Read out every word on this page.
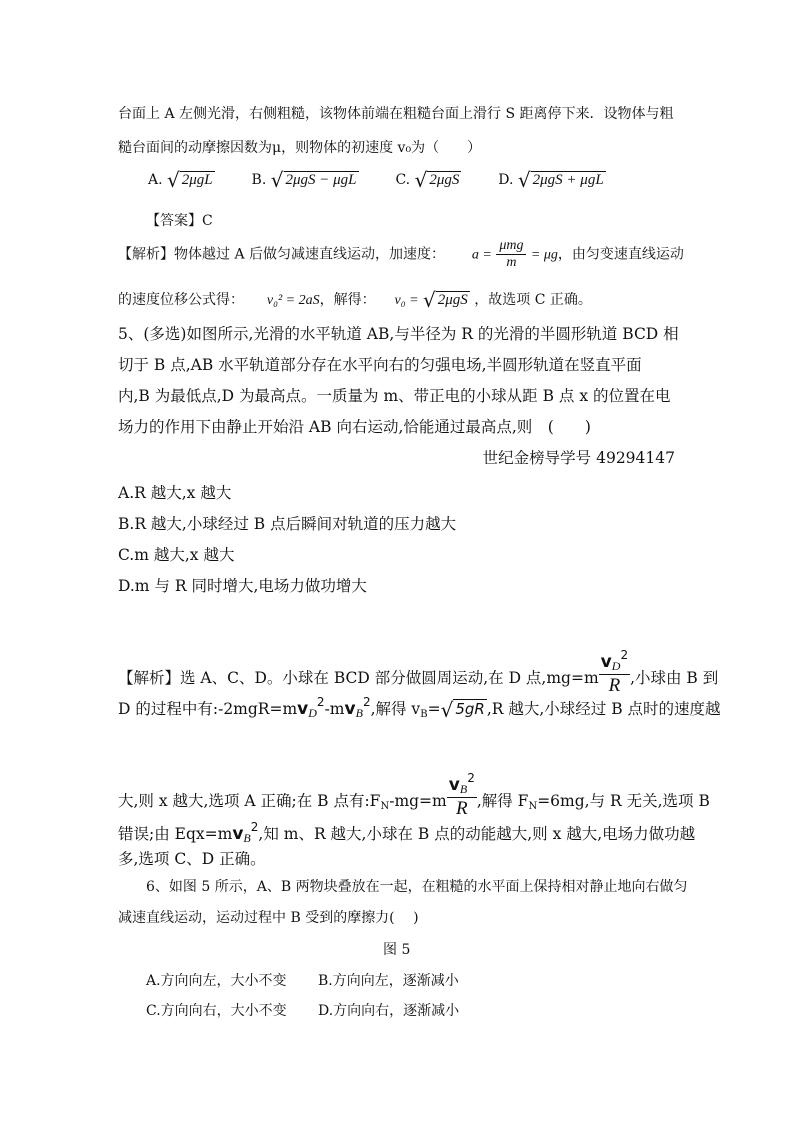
台面上 A 左侧光滑，右侧粗糙，该物体前端在粗糙台面上滑行 S 距离停下来．设物体与粗
糙台面间的动摩擦因数为μ，则物体的初速度 v₀为（　　）
A. √ 2μgL	B. √ 2μgS − μgL	C. √ 2μgS	D. √ 2μgS + μgL
【答案】C
【解析】物体越过 A 后做匀减速直线运动，加速度： $a = \frac{\text{μmg}}{m} = \mu g$，由匀变速直线运动
的速度位移公式得： v₀² = 2aS，解得： v₀ = √ 2μgS ，故选项 C 正确。
5、(多选)如图所示,光滑的水平轨道 AB,与半径为 R 的光滑的半圆形轨道 BCD 相
切于 B 点,AB 水平轨道部分存在水平向右的匀强电场,半圆形轨道在竖直平面
内,B 为最低点,D 为最高点。一质量为 m、带正电的小球从距 B 点 x 的位置在电
场力的作用下由静止开始沿 AB 向右运动,恰能通过最高点,则　(　　)
世纪金榜导学号 49294147
A.R 越大,x 越大
B.R 越大,小球经过 B 点后瞬间对轨道的压力越大
C.m 越大,x 越大
D.m 与 R 同时增大,电场力做功增大
【解析】选 A、C、D。小球在 BCD 部分做圆周运动,在 D 点$,mg=m \frac{v_D^2}{R}$ ,小球由 B 到
D 的过程中有$:-2mgR=mv_D^2-mv_B^2$,解得 $v_B=√$ 5gR ,R 越大,小球经过 B 点时的速度越
大,则 x 越大,选项 A 正确;在 B 点有$:F_N-mg=m \frac{v_B^2}{R}$ ,解得 $F_N=6mg$,与 R 无关,选项 B
错误;由 $Eqx=mv_B^2$,知 m、R 越大,小球在 B 点的动能越大,则 x 越大,电场力做功越
多,选项 C、D 正确。
6、如图 5 所示，A、B 两物块叠放在一起，在粗糙的水平面上保持相对静止地向右做匀
减速直线运动，运动过程中 B 受到的摩擦力(　 )
图 5
A.方向向左，大小不变 B.方向向左，逐渐减小
C.方向向右，大小不变 D.方向向右，逐渐减小
